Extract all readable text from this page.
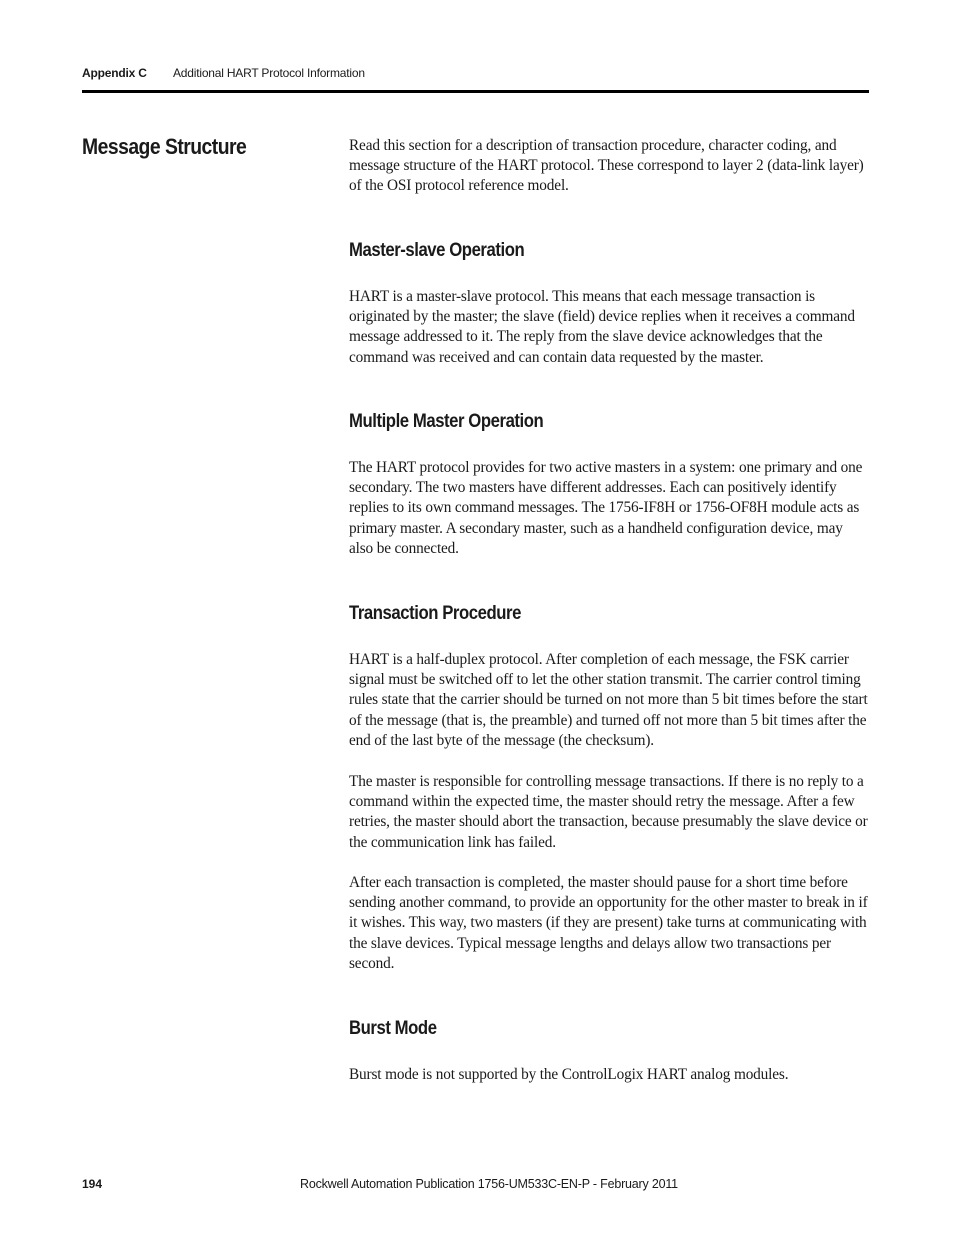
Appendix C Additional HART Protocol Information
Message Structure	Read this section for a description of transaction procedure, character coding, and message structure of the HART protocol. These correspond to layer 2 (data-link layer) of the OSI protocol reference model.

Master-slave Operation

HART is a master-slave protocol. This means that each message transaction is originated by the master; the slave (field) device replies when it receives a command message addressed to it. The reply from the slave device acknowledges that the command was received and can contain data requested by the master.

Multiple Master Operation

The HART protocol provides for two active masters in a system: one primary and one secondary. The two masters have different addresses. Each can positively identify replies to its own command messages. The 1756-IF8H or 1756-OF8H module acts as primary master. A secondary master, such as a handheld configuration device, may also be connected.

Transaction Procedure

HART is a half-duplex protocol. After completion of each message, the FSK carrier signal must be switched off to let the other station transmit. The carrier control timing rules state that the carrier should be turned on not more than 5 bit times before the start of the message (that is, the preamble) and turned off not more than 5 bit times after the end of the last byte of the message (the checksum).

The master is responsible for controlling message transactions. If there is no reply to a command within the expected time, the master should retry the message. After a few retries, the master should abort the transaction, because presumably the slave device or the communication link has failed.

After each transaction is completed, the master should pause for a short time before sending another command, to provide an opportunity for the other master to break in if it wishes. This way, two masters (if they are present) take turns at communicating with the slave devices. Typical message lengths and delays allow two transactions per second.

Burst Mode

Burst mode is not supported by the ControlLogix HART analog modules.

194	Rockwell Automation Publication 1756-UM533C-EN-P - February 2011
